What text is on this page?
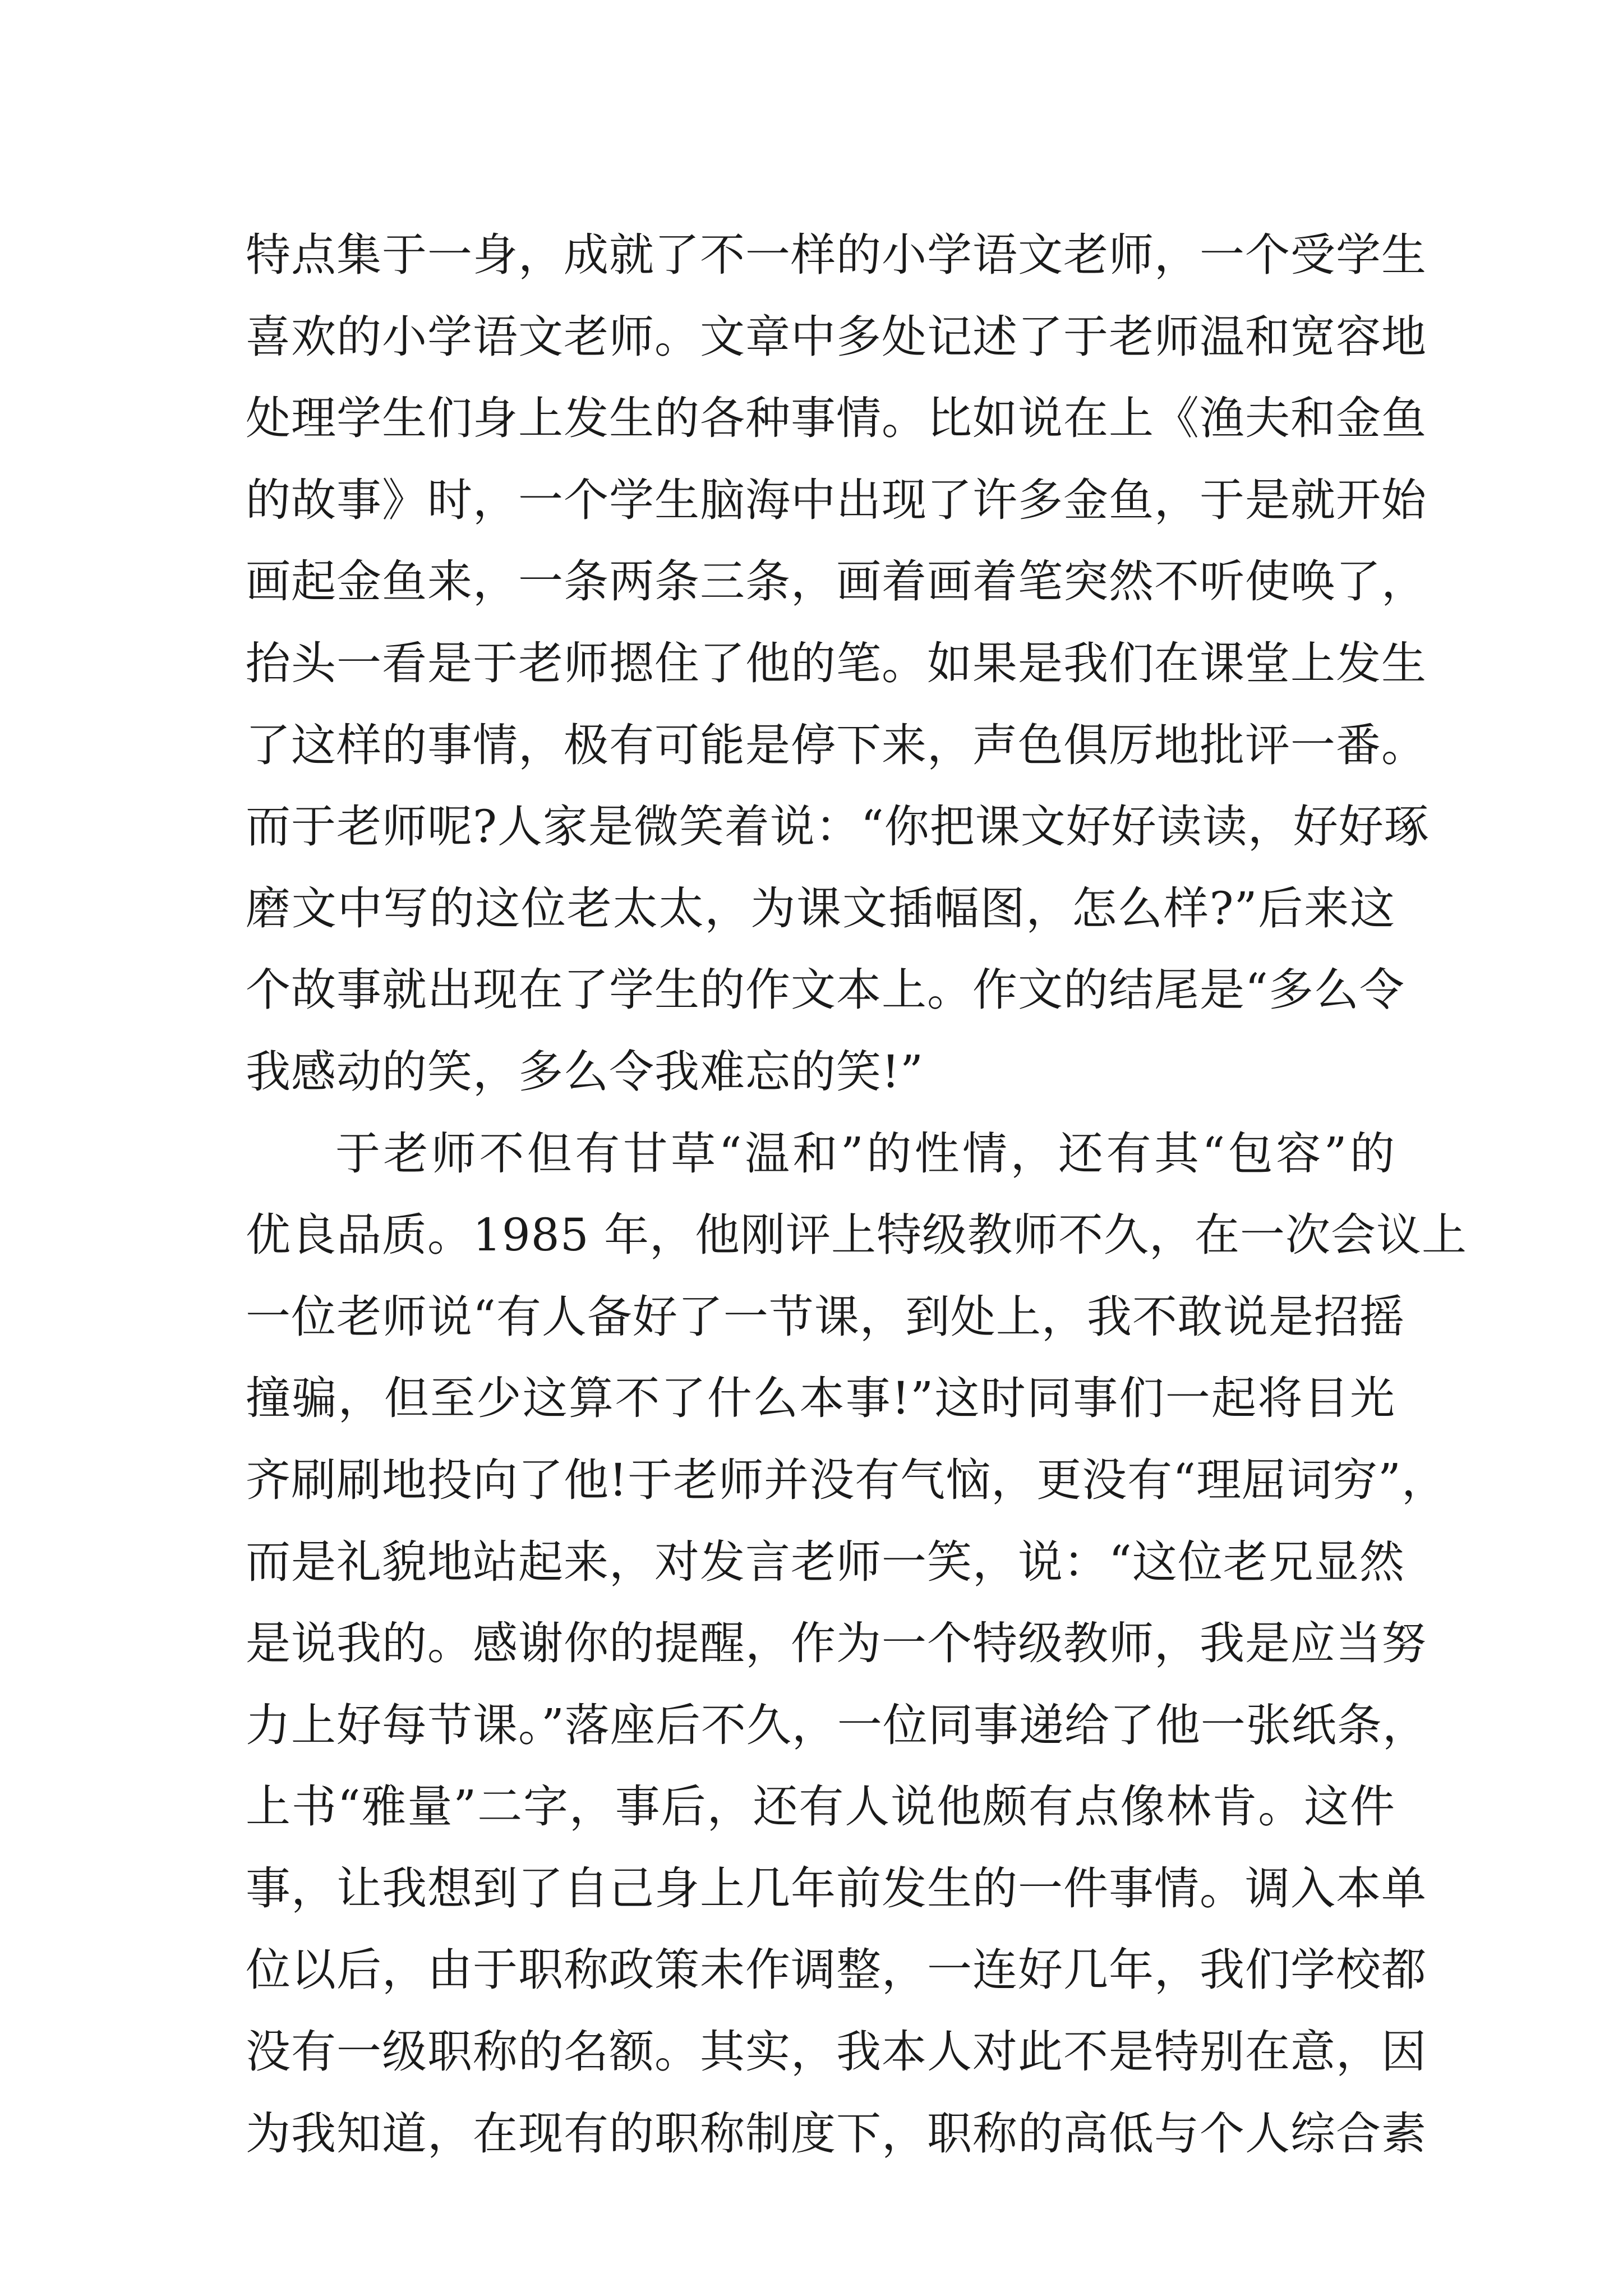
特点集于一身，成就了不一样的小学语文老师，一个受学生
喜欢的小学语文老师。文章中多处记述了于老师温和宽容地
处理学生们身上发生的各种事情。比如说在上《渔夫和金鱼
的故事》时，一个学生脑海中出现了许多金鱼，于是就开始
画起金鱼来，一条两条三条，画着画着笔突然不听使唤了，
抬头一看是于老师摁住了他的笔。如果是我们在课堂上发生
了这样的事情，极有可能是停下来，声色俱厉地批评一番。
而于老师呢?人家是微笑着说：“你把课文好好读读，好好琢
磨文中写的这位老太太，为课文插幅图，怎么样?”后来这
个故事就出现在了学生的作文本上。作文的结尾是“多么令
我感动的笑，多么令我难忘的笑!”
于老师不但有甘草“温和”的性情，还有其“包容”的
优良品质。1985 年，他刚评上特级教师不久，在一次会议上
一位老师说“有人备好了一节课，到处上，我不敢说是招摇
撞骗，但至少这算不了什么本事!”这时同事们一起将目光
齐刷刷地投向了他!于老师并没有气恼，更没有“理屈词穷”，
而是礼貌地站起来，对发言老师一笑，说：“这位老兄显然
是说我的。感谢你的提醒，作为一个特级教师，我是应当努
力上好每节课。”落座后不久，一位同事递给了他一张纸条，
上书“雅量”二字，事后，还有人说他颇有点像林肯。这件
事，让我想到了自己身上几年前发生的一件事情。调入本单
位以后，由于职称政策未作调整，一连好几年，我们学校都
没有一级职称的名额。其实，我本人对此不是特别在意，因
为我知道，在现有的职称制度下，职称的高低与个人综合素
